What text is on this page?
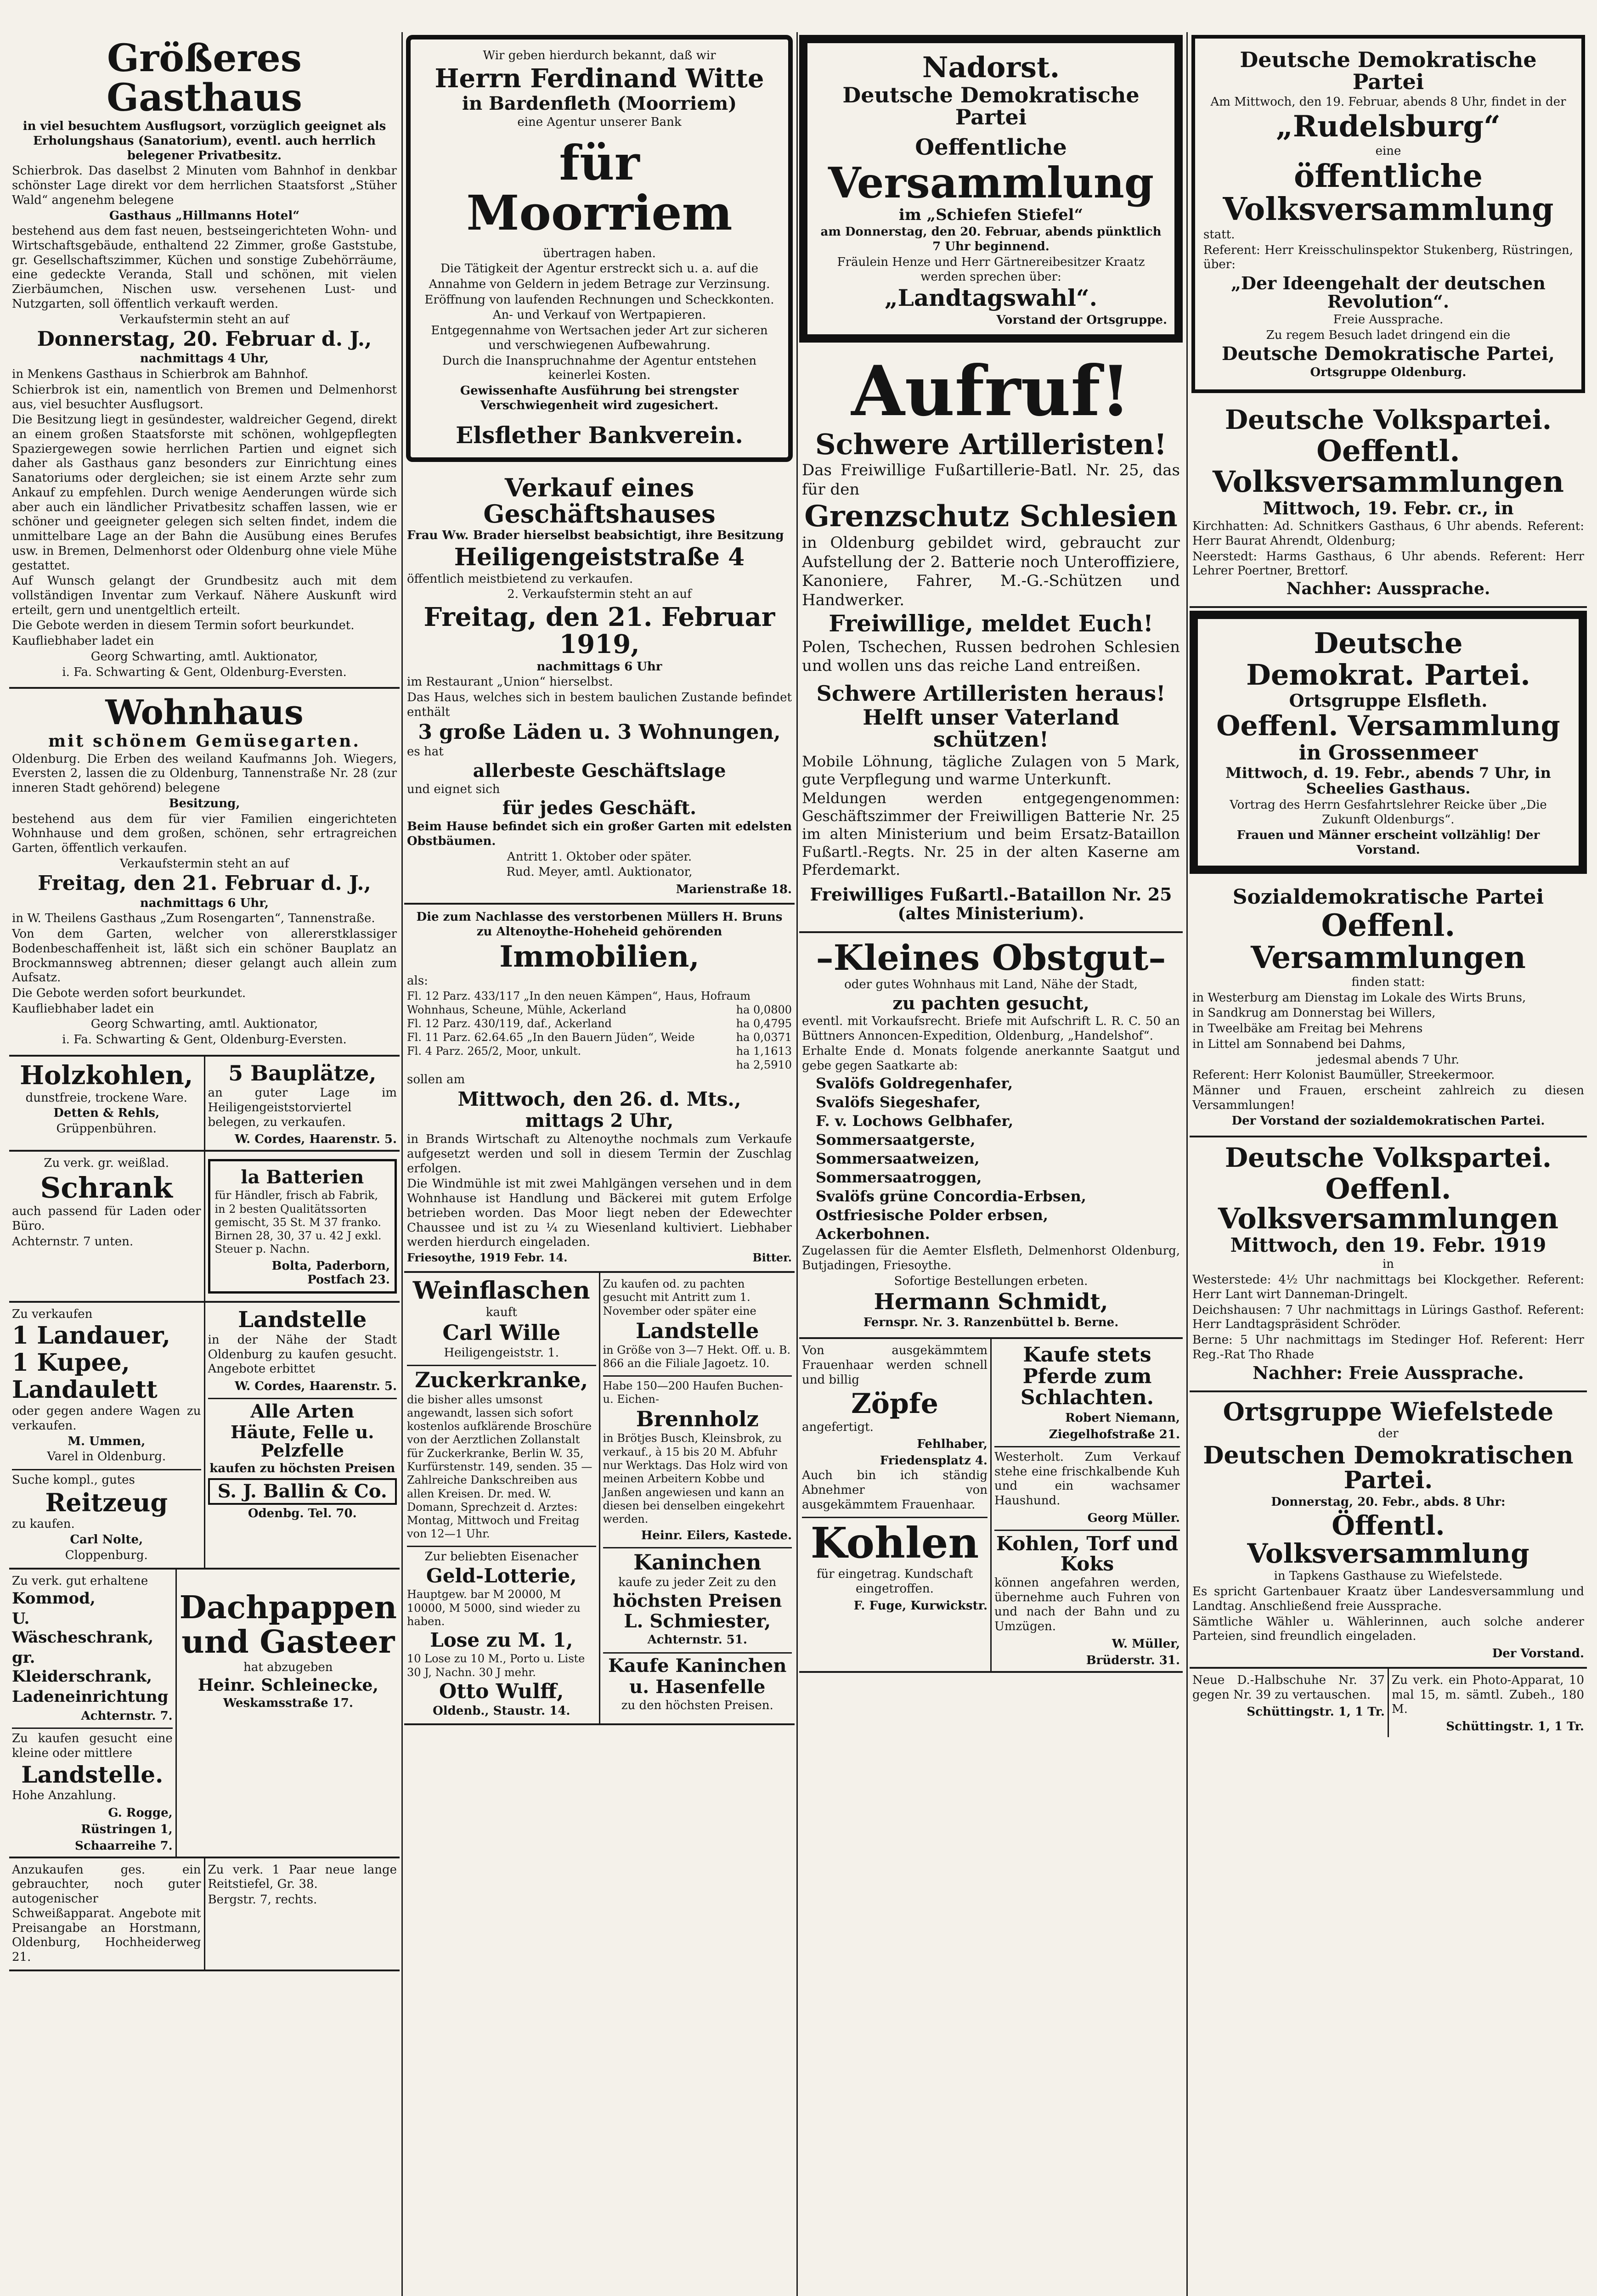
Größeres Gasthaus
in viel besuchtem Ausflugsort, vorzüglich geeignet als Erholungshaus (Sanatorium), eventl. auch herrlich belegener Privatbesitz.
Schierbrok. Das daselbst 2 Minuten vom Bahnhof in denkbar schönster Lage direkt vor dem herrlichen Staatsforst „Stüher Wald“ angenehm belegene
Gasthaus „Hillmanns Hotel“
bestehend aus dem fast neuen, bestseingerichteten Wohn- und Wirtschaftsgebäude, enthaltend 22 Zimmer, große Gaststube, gr. Gesellschaftszimmer, Küchen und sonstige Zubehörräume, eine gedeckte Veranda, Stall und schönen, mit vielen Zierbäumchen, Nischen usw. versehenen Lust- und Nutzgarten, soll öffentlich verkauft werden.
Verkaufstermin steht an auf
Donnerstag, 20. Februar d. J.,
nachmittags 4 Uhr,
in Menkens Gasthaus in Schierbrok am Bahnhof.
Schierbrok ist ein, namentlich von Bremen und Delmenhorst aus, viel besuchter Ausflugsort.
Die Besitzung liegt in gesündester, waldreicher Gegend, direkt an einem großen Staatsforste mit schönen, wohlgepflegten Spaziergewegen sowie herrlichen Partien und eignet sich daher als Gasthaus ganz besonders zur Einrichtung eines Sanatoriums oder dergleichen; sie ist einem Arzte sehr zum Ankauf zu empfehlen. Durch wenige Aenderungen würde sich aber auch ein ländlicher Privatbesitz schaffen lassen, wie er schöner und geeigneter gelegen sich selten findet, indem die unmittelbare Lage an der Bahn die Ausübung eines Berufes usw. in Bremen, Delmenhorst oder Oldenburg ohne viele Mühe gestattet.
Auf Wunsch gelangt der Grundbesitz auch mit dem vollständigen Inventar zum Verkauf. Nähere Auskunft wird erteilt, gern und unentgeltlich erteilt.
Die Gebote werden in diesem Termin sofort beurkundet.
Kaufliebhaber ladet ein
Georg Schwarting, amtl. Auktionator,
i. Fa. Schwarting & Gent, Oldenburg-Eversten.
Wohnhaus
mit schönem Gemüsegarten.
Oldenburg. Die Erben des weiland Kaufmanns Joh. Wiegers, Eversten 2, lassen die zu Oldenburg, Tannenstraße Nr. 28 (zur inneren Stadt gehörend) belegene
Besitzung,
bestehend aus dem für vier Familien eingerichteten Wohnhause und dem großen, schönen, sehr ertragreichen Garten, öffentlich verkaufen.
Verkaufstermin steht an auf
Freitag, den 21. Februar d. J.,
nachmittags 6 Uhr,
in W. Theilens Gasthaus „Zum Rosengarten“, Tannenstraße.
Von dem Garten, welcher von allererstklassiger Bodenbeschaffenheit ist, läßt sich ein schöner Bauplatz an Brockmannsweg abtrennen; dieser gelangt auch allein zum Aufsatz.
Die Gebote werden sofort beurkundet.
Kaufliebhaber ladet ein
Georg Schwarting, amtl. Auktionator,
i. Fa. Schwarting & Gent, Oldenburg-Eversten.
Holzkohlen,
dunstfreie, trockene Ware.
Detten & Rehls,
Grüppenbühren.
5 Bauplätze,
an guter Lage im Heiligengeiststorviertel belegen, zu verkaufen.
W. Cordes, Haarenstr. 5.
Zu verk. gr. weißlad.
Schrank
auch passend für Laden oder Büro.
Achternstr. 7 unten.
la Batterien
für Händler, frisch ab Fabrik, in 2 besten Qualitätssorten gemischt, 35 St. M 37 franko. Birnen 28, 30, 37 u. 42 J exkl. Steuer p. Nachn.
Bolta, Paderborn, Postfach 23.
Zu verkaufen
1 Landauer,
1 Kupee,
Landaulett
oder gegen andere Wagen zu verkaufen.
M. Ummen,
Varel in Oldenburg.
Suche kompl., gutes
Reitzeug
zu kaufen.
Carl Nolte,
Cloppenburg.
Landstelle
in der Nähe der Stadt Oldenburg zu kaufen gesucht. Angebote erbittet
W. Cordes, Haarenstr. 5.
Alle Arten
Häute, Felle u. Pelzfelle
kaufen zu höchsten Preisen
S. J. Ballin & Co.
Odenbg. Tel. 70.
Zu verk. gut erhaltene
Kommod,
U. Wäscheschrank,
gr. Kleiderschrank,
Ladeneinrichtung
Achternstr. 7.
Zu kaufen gesucht eine kleine oder mittlere
Landstelle.
Hohe Anzahlung.
G. Rogge,
Rüstringen 1,
Schaarreihe 7.
Dachpappen
und Gasteer
hat abzugeben
Heinr. Schleinecke,
Weskamsstraße 17.
Anzukaufen ges. ein gebrauchter, noch guter autogenischer Schweißapparat. Angebote mit Preisangabe an Horstmann, Oldenburg, Hochheiderweg 21.
Zu verk. 1 Paar neue lange Reitstiefel, Gr. 38.
Bergstr. 7, rechts.
Wir geben hierdurch bekannt, daß wir
Herrn Ferdinand Witte
in Bardenfleth (Moorriem)
eine Agentur unserer Bank
für Moorriem
übertragen haben.
Die Tätigkeit der Agentur erstreckt sich u. a. auf die
Annahme von Geldern in jedem Betrage zur Verzinsung.
Eröffnung von laufenden Rechnungen und Scheckkonten.
An- und Verkauf von Wertpapieren.
Entgegennahme von Wertsachen jeder Art zur sicheren und verschwiegenen Aufbewahrung.
Durch die Inanspruchnahme der Agentur entstehen keinerlei Kosten.
Gewissenhafte Ausführung bei strengster Verschwiegenheit wird zugesichert.
Elsflether Bankverein.
Verkauf eines Geschäftshauses
Frau Ww. Brader hierselbst beabsichtigt, ihre Besitzung
Heiligengeiststraße 4
öffentlich meistbietend zu verkaufen.
2. Verkaufstermin steht an auf
Freitag, den 21. Februar 1919,
nachmittags 6 Uhr
im Restaurant „Union“ hierselbst.
Das Haus, welches sich in bestem baulichen Zustande befindet enthält
3 große Läden u. 3 Wohnungen,
es hat
allerbeste Geschäftslage
und eignet sich
für jedes Geschäft.
Beim Hause befindet sich ein großer Garten mit edelsten Obstbäumen.
Antritt 1. Oktober oder später.
Rud. Meyer, amtl. Auktionator,
Marienstraße 18.
Die zum Nachlasse des verstorbenen Müllers H. Bruns zu Altenoythe-Hoheheid gehörenden
Immobilien,
als:
Fl. 12 Parz. 433/117 „In den neuen Kämpen“, Haus, Hofraum
Wohnhaus, Scheune, Mühle, Ackerland	ha 0,0800
Fl. 12 Parz. 430/119, daf., Ackerland	ha 0,4795
Fl. 11 Parz. 62.64.65 „In den Bauern Jüden“, Weide	ha 0,0371
Fl. 4 Parz. 265/2, Moor, unkult.	ha 1,1613
ha 2,5910
sollen am
Mittwoch, den 26. d. Mts.,
mittags 2 Uhr,
in Brands Wirtschaft zu Altenoythe nochmals zum Verkaufe aufgesetzt werden und soll in diesem Termin der Zuschlag erfolgen.
Die Windmühle ist mit zwei Mahlgängen versehen und in dem Wohnhause ist Handlung und Bäckerei mit gutem Erfolge betrieben worden. Das Moor liegt neben der Edewechter Chaussee und ist zu ¼ zu Wiesenland kultiviert. Liebhaber werden hierdurch eingeladen.
Friesoythe, 1919 Febr. 14.	Bitter.
Weinflaschen
kauft
Carl Wille
Heiligengeiststr. 1.
Zuckerkranke,
die bisher alles umsonst angewandt, lassen sich sofort kostenlos aufklärende Broschüre von der Aerztlichen Zollanstalt für Zuckerkranke, Berlin W. 35, Kurfürstenstr. 149, senden. 35 — Zahlreiche Dankschreiben aus allen Kreisen. Dr. med. W. Domann, Sprechzeit d. Arztes: Montag, Mittwoch und Freitag von 12—1 Uhr.
Zur beliebten Eisenacher
Geld-Lotterie,
Hauptgew. bar M 20000, M 10000, M 5000, sind wieder zu haben.
Lose zu M. 1,
10 Lose zu 10 M., Porto u. Liste 30 J, Nachn. 30 J mehr.
Otto Wulff,
Oldenb., Staustr. 14.
Zu kaufen od. zu pachten gesucht mit Antritt zum 1. November oder später eine
Landstelle
in Größe von 3—7 Hekt. Off. u. B. 866 an die Filiale Jagoetz. 10.
Habe 150—200 Haufen Buchen- u. Eichen-
Brennholz
in Brötjes Busch, Kleinsbrok, zu verkauf., à 15 bis 20 M. Abfuhr nur Werktags. Das Holz wird von meinen Arbeitern Kobbe und Janßen angewiesen und kann an diesen bei denselben eingekehrt werden.
Heinr. Eilers, Kastede.
Kaninchen
kaufe zu jeder Zeit zu den
höchsten Preisen
L. Schmiester,
Achternstr. 51.
Kaufe Kaninchen
u. Hasenfelle
zu den höchsten Preisen.
Nadorst.
Deutsche Demokratische Partei
Oeffentliche
Versammlung
im „Schiefen Stiefel“
am Donnerstag, den 20. Februar, abends pünktlich 7 Uhr beginnend.
Fräulein Henze und Herr Gärtnereibesitzer Kraatz werden sprechen über:
„Landtagswahl“.
Vorstand der Ortsgruppe.
Aufruf!
Schwere Artilleristen!
Das Freiwillige Fußartillerie-Batl. Nr. 25, das für den
Grenzschutz Schlesien
in Oldenburg gebildet wird, gebraucht zur Aufstellung der 2. Batterie noch Unteroffiziere, Kanoniere, Fahrer, M.-G.-Schützen und Handwerker.
Freiwillige, meldet Euch!
Polen, Tschechen, Russen bedrohen Schlesien und wollen uns das reiche Land entreißen.
Schwere Artilleristen heraus!
Helft unser Vaterland schützen!
Mobile Löhnung, tägliche Zulagen von 5 Mark, gute Verpflegung und warme Unterkunft.
Meldungen werden entgegengenommen: Geschäftszimmer der Freiwilligen Batterie Nr. 25 im alten Ministerium und beim Ersatz-Bataillon Fußartl.-Regts. Nr. 25 in der alten Kaserne am Pferdemarkt.
Freiwilliges Fußartl.-Bataillon Nr. 25
(altes Ministerium).
–Kleines Obstgut–
oder gutes Wohnhaus mit Land, Nähe der Stadt,
zu pachten gesucht,
eventl. mit Vorkaufsrecht. Briefe mit Aufschrift L. R. C. 50 an Büttners Annoncen-Expedition, Oldenburg, „Handelshof“.
Erhalte Ende d. Monats folgende anerkannte Saatgut und gebe gegen Saatkarte ab:
Svalöfs Goldregenhafer,
Svalöfs Siegeshafer,
F. v. Lochows Gelbhafer,
Sommersaatgerste,
Sommersaatweizen,
Sommersaatroggen,
Svalöfs grüne Concordia-Erbsen,
Ostfriesische Polder erbsen,
Ackerbohnen.
Zugelassen für die Aemter Elsfleth, Delmenhorst Oldenburg, Butjadingen, Friesoythe.
Sofortige Bestellungen erbeten.
Hermann Schmidt,
Fernspr. Nr. 3. Ranzenbüttel b. Berne.
Von ausgekämmtem Frauenhaar werden schnell und billig
Zöpfe
angefertigt.
Fehlhaber,
Friedensplatz 4.
Auch bin ich ständig Abnehmer von ausgekämmtem Frauenhaar.
Kohlen
für eingetrag. Kundschaft eingetroffen.
F. Fuge, Kurwickstr.
Kaufe stets Pferde zum Schlachten.
Robert Niemann,
Ziegelhofstraße 21.
Westerholt. Zum Verkauf stehe eine frischkalbende Kuh und ein wachsamer Haushund.
Georg Müller.
Kohlen, Torf und Koks
können angefahren werden, übernehme auch Fuhren von und nach der Bahn und zu Umzügen.
W. Müller,
Brüderstr. 31.
Deutsche Demokratische Partei
Am Mittwoch, den 19. Februar, abends 8 Uhr, findet in der
„Rudelsburg“
eine
öffentliche Volksversammlung
statt.
Referent: Herr Kreisschulinspektor Stukenberg, Rüstringen, über:
„Der Ideengehalt der deutschen Revolution“.
Freie Aussprache.
Zu regem Besuch ladet dringend ein die
Deutsche Demokratische Partei,
Ortsgruppe Oldenburg.
Deutsche Volkspartei.
Oeffentl. Volksversammlungen
Mittwoch, 19. Febr. cr., in
Kirchhatten: Ad. Schnitkers Gasthaus, 6 Uhr abends. Referent: Herr Baurat Ahrendt, Oldenburg;
Neerstedt: Harms Gasthaus, 6 Uhr abends. Referent: Herr Lehrer Poertner, Brettorf.
Nachher: Aussprache.
Deutsche
Demokrat. Partei.
Ortsgruppe Elsfleth.
Oeffenl. Versammlung
in Grossenmeer
Mittwoch, d. 19. Febr., abends 7 Uhr, in Scheelies Gasthaus.
Vortrag des Herrn Gesfahrtslehrer Reicke über „Die Zukunft Oldenburgs“.
Frauen und Männer erscheint vollzählig! Der Vorstand.
Sozialdemokratische Partei
Oeffenl. Versammlungen
finden statt:
in Westerburg am Dienstag im Lokale des Wirts Bruns,
in Sandkrug am Donnerstag bei Willers,
in Tweelbäke am Freitag bei Mehrens
in Littel am Sonnabend bei Dahms,
jedesmal abends 7 Uhr.
Referent: Herr Kolonist Baumüller, Streekermoor.
Männer und Frauen, erscheint zahlreich zu diesen Versammlungen!
Der Vorstand der sozialdemokratischen Partei.
Deutsche Volkspartei.
Oeffenl. Volksversammlungen
Mittwoch, den 19. Febr. 1919
in
Westerstede: 4½ Uhr nachmittags bei Klockgether. Referent: Herr Lant wirt Danneman-Dringelt.
Deichshausen: 7 Uhr nachmittags in Lürings Gasthof. Referent: Herr Landtagspräsident Schröder.
Berne: 5 Uhr nachmittags im Stedinger Hof. Referent: Herr Reg.-Rat Tho Rhade
Nachher: Freie Aussprache.
Ortsgruppe Wiefelstede
der
Deutschen Demokratischen Partei.
Donnerstag, 20. Febr., abds. 8 Uhr:
Öffentl. Volksversammlung
in Tapkens Gasthause zu Wiefelstede.
Es spricht Gartenbauer Kraatz über Landesversammlung und Landtag. Anschließend freie Aussprache.
Sämtliche Wähler u. Wählerinnen, auch solche anderer Parteien, sind freundlich eingeladen.
Der Vorstand.
Neue D.-Halbschuhe Nr. 37 gegen Nr. 39 zu vertauschen.
Schüttingstr. 1, 1 Tr.
Zu verk. ein Photo-Apparat, 10 mal 15, m. sämtl. Zubeh., 180 M.
Schüttingstr. 1, 1 Tr.
